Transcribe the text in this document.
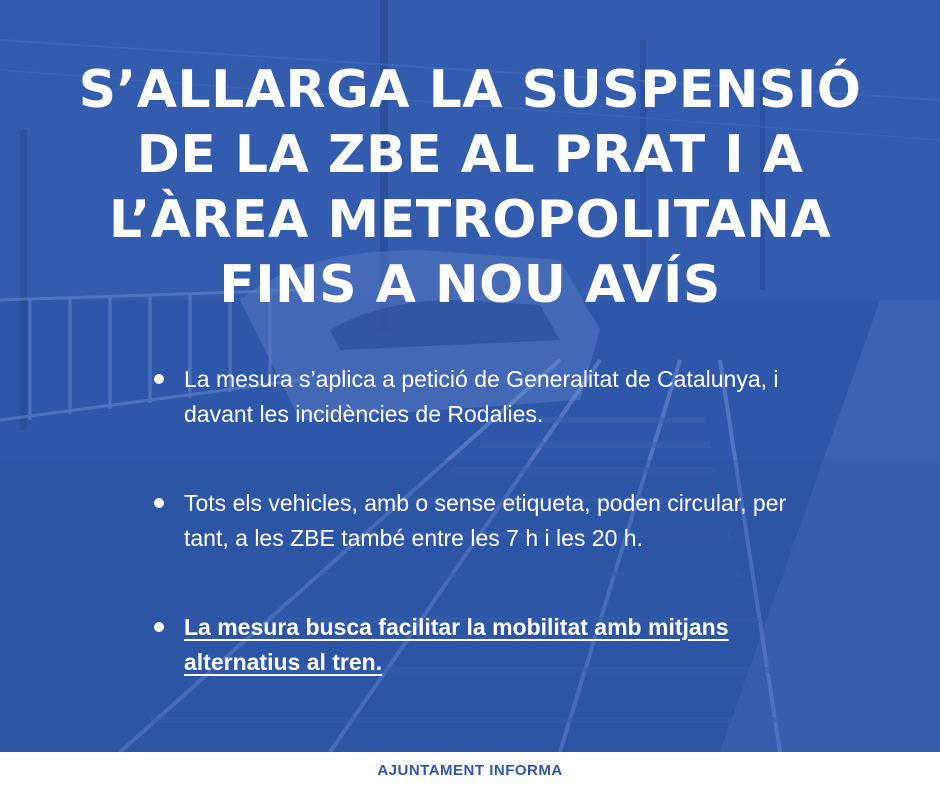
S’ALLARGA LA SUSPENSIÓ
DE LA ZBE AL PRAT I A
L’ÀREA METROPOLITANA
FINS A NOU AVÍS
La mesura s’aplica a petició de Generalitat de Catalunya, i davant les incidències de Rodalies.
Tots els vehicles, amb o sense etiqueta, poden circular, per tant, a les ZBE també entre les 7 h i les 20 h.
La mesura busca facilitar la mobilitat amb mitjans alternatius al tren.
AJUNTAMENT INFORMA
